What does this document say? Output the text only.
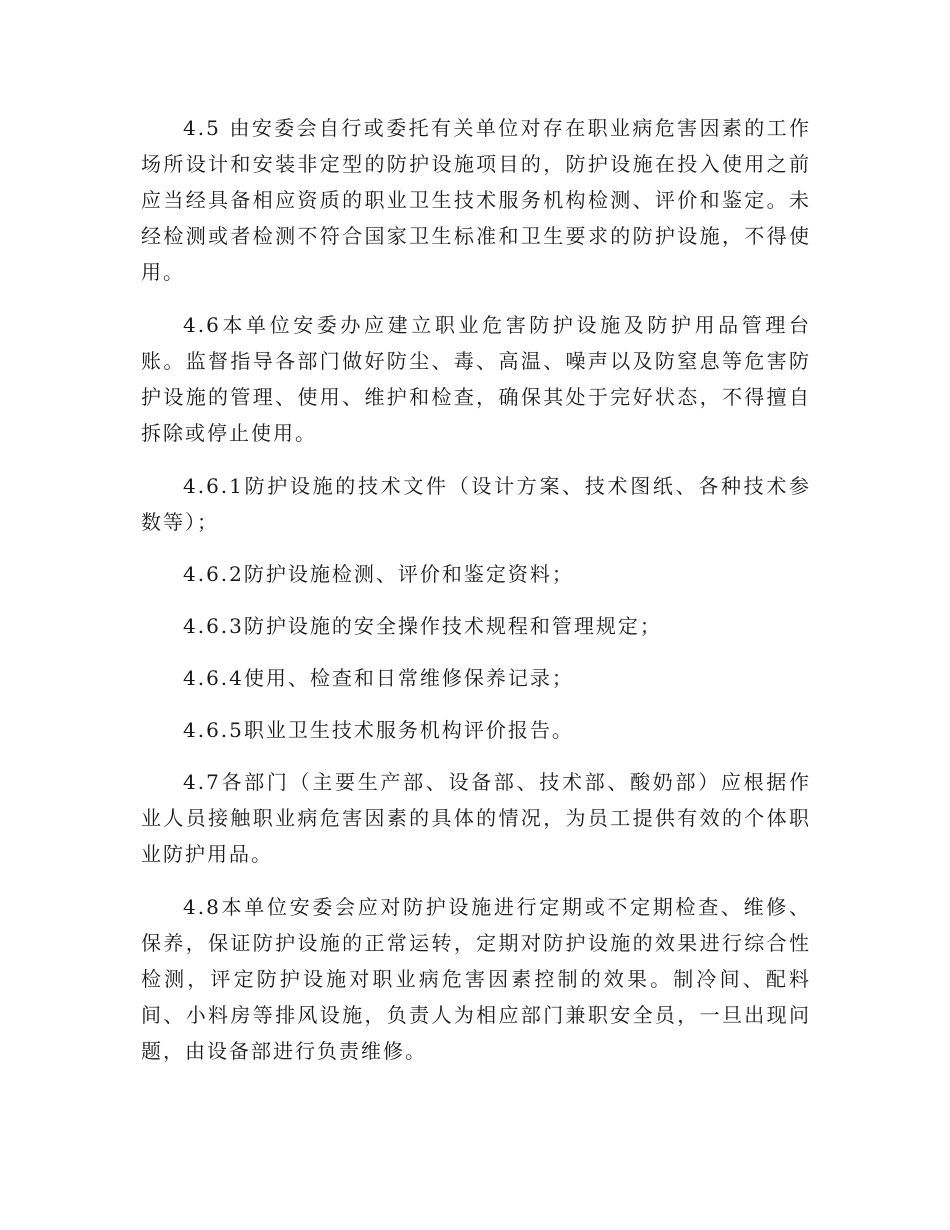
4.5 由安委会自行或委托有关单位对存在职业病危害因素的工作场所设计和安装非定型的防护设施项目的，防护设施在投入使用之前应当经具备相应资质的职业卫生技术服务机构检测、评价和鉴定。未经检测或者检测不符合国家卫生标准和卫生要求的防护设施，不得使用。

4.6本单位安委办应建立职业危害防护设施及防护用品管理台账。监督指导各部门做好防尘、毒、高温、噪声以及防窒息等危害防护设施的管理、使用、维护和检查，确保其处于完好状态，不得擅自拆除或停止使用。

4.6.1防护设施的技术文件（设计方案、技术图纸、各种技术参数等）；

4.6.2防护设施检测、评价和鉴定资料；

4.6.3防护设施的安全操作技术规程和管理规定；

4.6.4使用、检查和日常维修保养记录；

4.6.5职业卫生技术服务机构评价报告。

4.7各部门（主要生产部、设备部、技术部、酸奶部）应根据作业人员接触职业病危害因素的具体的情况，为员工提供有效的个体职业防护用品。

4.8本单位安委会应对防护设施进行定期或不定期检查、维修、保养，保证防护设施的正常运转，定期对防护设施的效果进行综合性检测，评定防护设施对职业病危害因素控制的效果。制冷间、配料间、小料房等排风设施，负责人为相应部门兼职安全员，一旦出现问题，由设备部进行负责维修。
